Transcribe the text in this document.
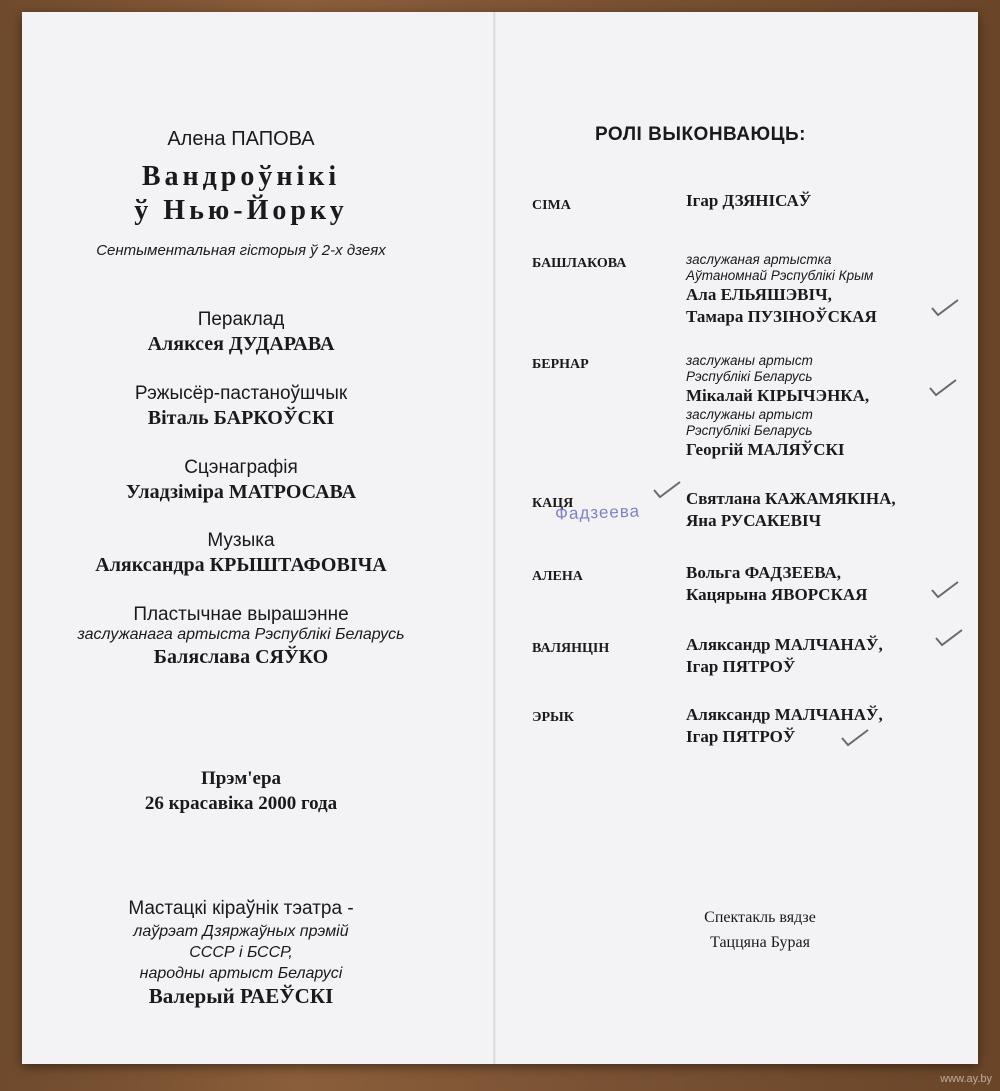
Алена ПАПОВА
Вандроўнікі
ў Нью-Йорку
Сентыментальная гісторыя ў 2-х дзеях
Пераклад
Аляксея ДУДАРАВА
Рэжысёр-пастаноўшчык
Віталь БАРКОЎСКІ
Сцэнаграфія
Уладзіміра МАТРОСАВА
Музыка
Аляксандра КРЫШТАФОВІЧА
Пластычнае вырашэнне
заслужанага артыста Рэспублікі Беларусь
Баляслава СЯЎКО
Прэм'ера
26 красавіка 2000 года
Мастацкі кіраўнік тэатра -
лаўрэат Дзяржаўных прэмій
СССР і БССР,
народны артыст Беларусі
Валерый РАЕЎСКІ
РОЛІ ВЫКОНВАЮЦЬ:
СІМА	Ігар ДЗЯНІСАЎ
БАШЛАКОВА	заслужаная артыстка
Аўтаномнай Рэспублікі Крым
Ала ЕЛЬЯШЭВІЧ,
Тамара ПУЗІНОЎСКАЯ
БЕРНАР	заслужаны артыст
Рэспублікі Беларусь
Мікалай КІРЫЧЭНКА,
заслужаны артыст
Рэспублікі Беларусь
Георгій МАЛЯЎСКІ
КАЦЯ	Святлана КАЖАМЯКІНА,
Яна РУСАКЕВІЧ
Фадзеева
АЛЕНА	Вольга ФАДЗЕЕВА,
Кацярына ЯВОРСКАЯ
ВАЛЯНЦІН	Аляксандр МАЛЧАНАЎ,
Ігар ПЯТРОЎ
ЭРЫК	Аляксандр МАЛЧАНАЎ,
Ігар ПЯТРОЎ
Спектакль вядзе
Таццяна Бурая
www.ay.by
